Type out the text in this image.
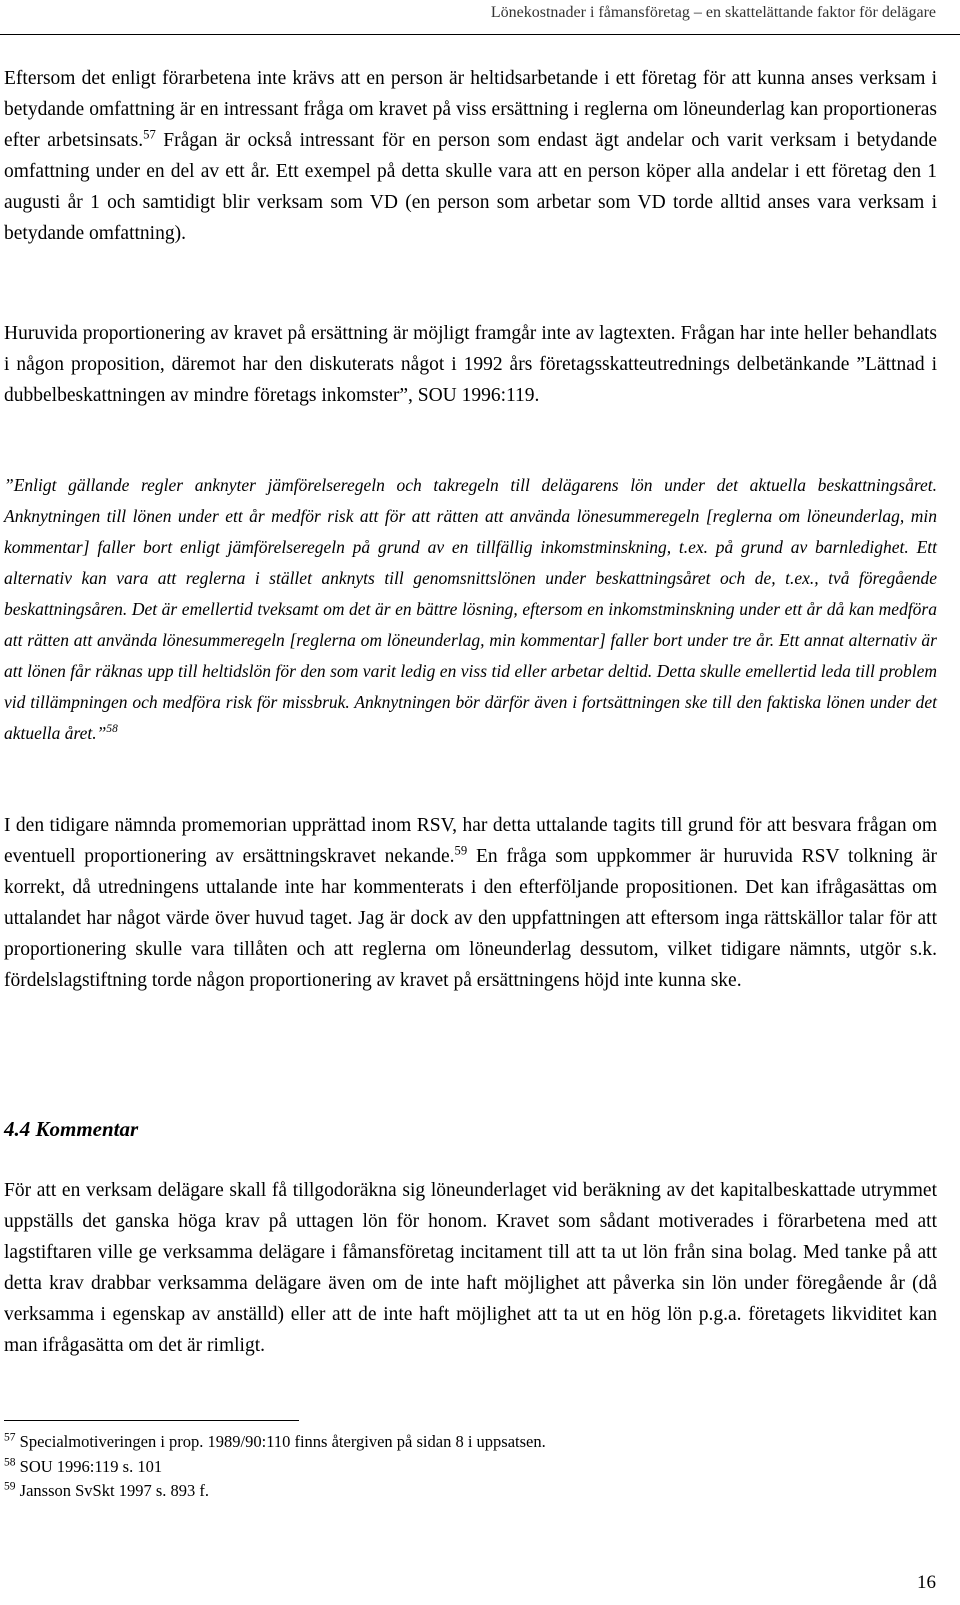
Lönekostnader i fåmansföretag – en skattelättande faktor för delägare

Eftersom det enligt förarbetena inte krävs att en person är heltidsarbetande i ett företag för att kunna anses verksam i betydande omfattning är en intressant fråga om kravet på viss ersättning i reglerna om löneunderlag kan proportioneras efter arbetsinsats.$^{57}$ Frågan är också intressant för en person som endast ägt andelar och varit verksam i betydande omfattning under en del av ett år. Ett exempel på detta skulle vara att en person köper alla andelar i ett företag den 1 augusti år 1 och samtidigt blir verksam som VD (en person som arbetar som VD torde alltid anses vara verksam i betydande omfattning).

Huruvida proportionering av kravet på ersättning är möjligt framgår inte av lagtexten. Frågan har inte heller behandlats i någon proposition, däremot har den diskuterats något i 1992 års företagsskatteutrednings delbetänkande ”Lättnad i dubbelbeskattningen av mindre företags inkomster”, SOU 1996:119.

”Enligt gällande regler anknyter jämförelseregeln och takregeln till delägarens lön under det aktuella beskattningsåret. Anknytningen till lönen under ett år medför risk att för att rätten att använda lönesummeregeln [reglerna om löneunderlag, min kommentar] faller bort enligt jämförelseregeln på grund av en tillfällig inkomstminskning, t.ex. på grund av barnledighet. Ett alternativ kan vara att reglerna i stället anknyts till genomsnittslönen under beskattningsåret och de, t.ex., två föregående beskattningsåren. Det är emellertid tveksamt om det är en bättre lösning, eftersom en inkomstminskning under ett år då kan medföra att rätten att använda lönesummeregeln [reglerna om löneunderlag, min kommentar] faller bort under tre år. Ett annat alternativ är att lönen får räknas upp till heltidslön för den som varit ledig en viss tid eller arbetar deltid. Detta skulle emellertid leda till problem vid tillämpningen och medföra risk för missbruk. Anknytningen bör därför även i fortsättningen ske till den faktiska lönen under det aktuella året.”$^{58}$

I den tidigare nämnda promemorian upprättad inom RSV, har detta uttalande tagits till grund för att besvara frågan om eventuell proportionering av ersättningskravet nekande.$^{59}$ En fråga som uppkommer är huruvida RSV tolkning är korrekt, då utredningens uttalande inte har kommenterats i den efterföljande propositionen. Det kan ifrågasättas om uttalandet har något värde över huvud taget. Jag är dock av den uppfattningen att eftersom inga rättskällor talar för att proportionering skulle vara tillåten och att reglerna om löneunderlag dessutom, vilket tidigare nämnts, utgör s.k. fördelslagstiftning torde någon proportionering av kravet på ersättningens höjd inte kunna ske.

4.4 Kommentar

För att en verksam delägare skall få tillgodoräkna sig löneunderlaget vid beräkning av det kapitalbeskattade utrymmet uppställs det ganska höga krav på uttagen lön för honom. Kravet som sådant motiverades i förarbetena med att lagstiftaren ville ge verksamma delägare i fåmansföretag incitament till att ta ut lön från sina bolag. Med tanke på att detta krav drabbar verksamma delägare även om de inte haft möjlighet att påverka sin lön under föregående år (då verksamma i egenskap av anställd) eller att de inte haft möjlighet att ta ut en hög lön p.g.a. företagets likviditet kan man ifrågasätta om det är rimligt.

$^{57}$ Specialmotiveringen i prop. 1989/90:110 finns återgiven på sidan 8 i uppsatsen.

$^{58}$ SOU 1996:119 s. 101

$^{59}$ Jansson SvSkt 1997 s. 893 f.

16
